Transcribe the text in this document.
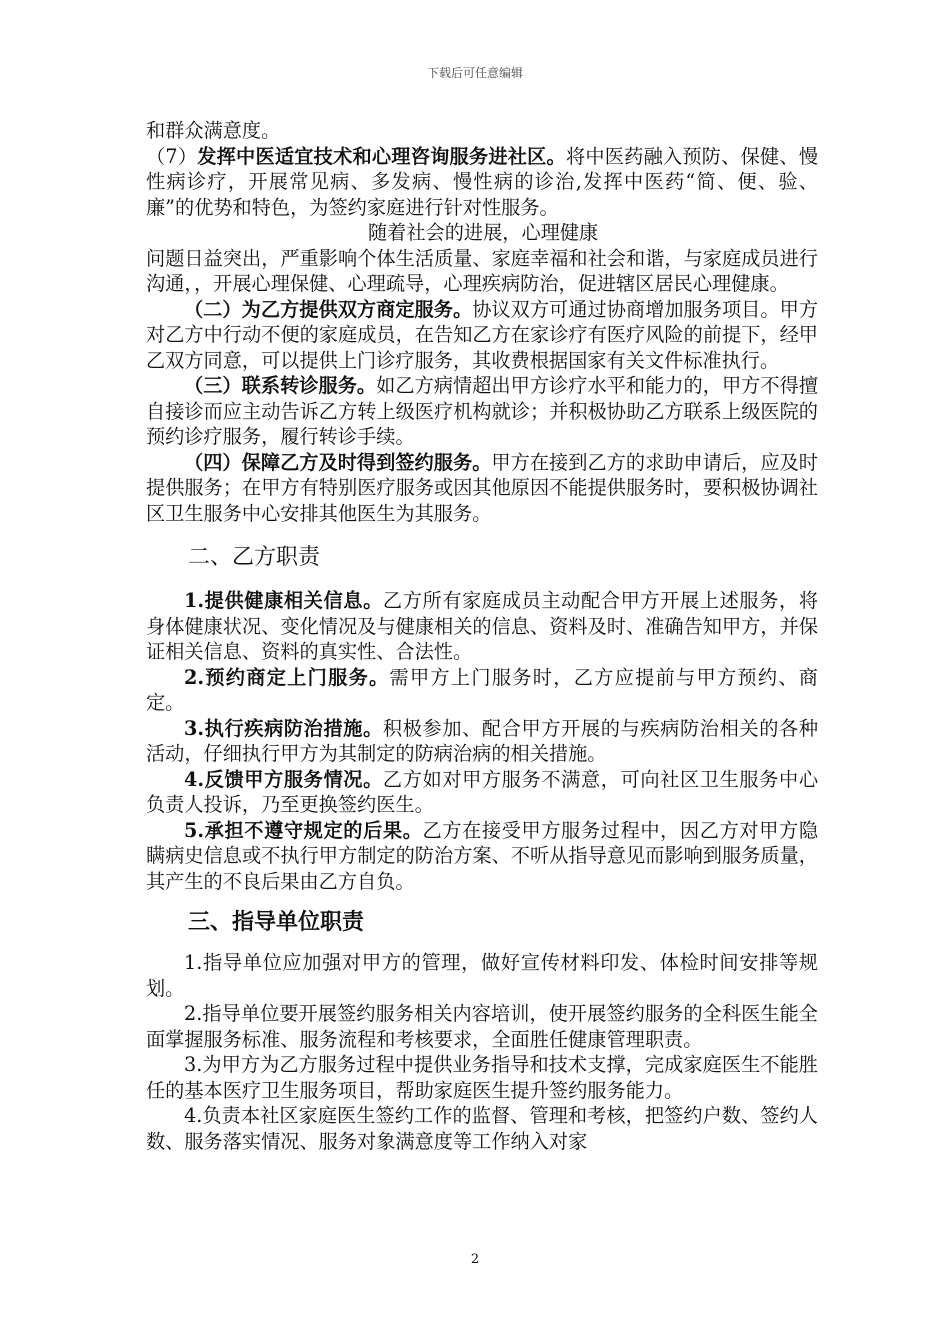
下载后可任意编辑

和群众满意度。

（7）发挥中医适宜技术和心理咨询服务进社区。将中医药融入预防、保健、慢性病诊疗，开展常见病、多发病、慢性病的诊治,发挥中医药“简、便、验、廉”的优势和特色，为签约家庭进行针对性服务。

随着社会的进展，心理健康

问题日益突出，严重影响个体生活质量、家庭幸福和社会和谐，与家庭成员进行沟通，，开展心理保健、心理疏导，心理疾病防治，促进辖区居民心理健康。

（二）为乙方提供双方商定服务。协议双方可通过协商增加服务项目。甲方对乙方中行动不便的家庭成员，在告知乙方在家诊疗有医疗风险的前提下，经甲乙双方同意，可以提供上门诊疗服务，其收费根据国家有关文件标准执行。

（三）联系转诊服务。如乙方病情超出甲方诊疗水平和能力的，甲方不得擅自接诊而应主动告诉乙方转上级医疗机构就诊；并积极协助乙方联系上级医院的预约诊疗服务，履行转诊手续。

（四）保障乙方及时得到签约服务。甲方在接到乙方的求助申请后，应及时提供服务；在甲方有特别医疗服务或因其他原因不能提供服务时，要积极协调社区卫生服务中心安排其他医生为其服务。

二、乙方职责

1.提供健康相关信息。乙方所有家庭成员主动配合甲方开展上述服务，将身体健康状况、变化情况及与健康相关的信息、资料及时、准确告知甲方，并保证相关信息、资料的真实性、合法性。

2.预约商定上门服务。需甲方上门服务时，乙方应提前与甲方预约、商定。

3.执行疾病防治措施。积极参加、配合甲方开展的与疾病防治相关的各种活动，仔细执行甲方为其制定的防病治病的相关措施。

4.反馈甲方服务情况。乙方如对甲方服务不满意，可向社区卫生服务中心负责人投诉，乃至更换签约医生。

5.承担不遵守规定的后果。乙方在接受甲方服务过程中，因乙方对甲方隐瞒病史信息或不执行甲方制定的防治方案、不听从指导意见而影响到服务质量，其产生的不良后果由乙方自负。

三、指导单位职责

1.指导单位应加强对甲方的管理，做好宣传材料印发、体检时间安排等规划。

2.指导单位要开展签约服务相关内容培训，使开展签约服务的全科医生能全面掌握服务标准、服务流程和考核要求，全面胜任健康管理职责。

3.为甲方为乙方服务过程中提供业务指导和技术支撑，完成家庭医生不能胜任的基本医疗卫生服务项目，帮助家庭医生提升签约服务能力。

4.负责本社区家庭医生签约工作的监督、管理和考核，把签约户数、签约人数、服务落实情况、服务对象满意度等工作纳入对家

2
